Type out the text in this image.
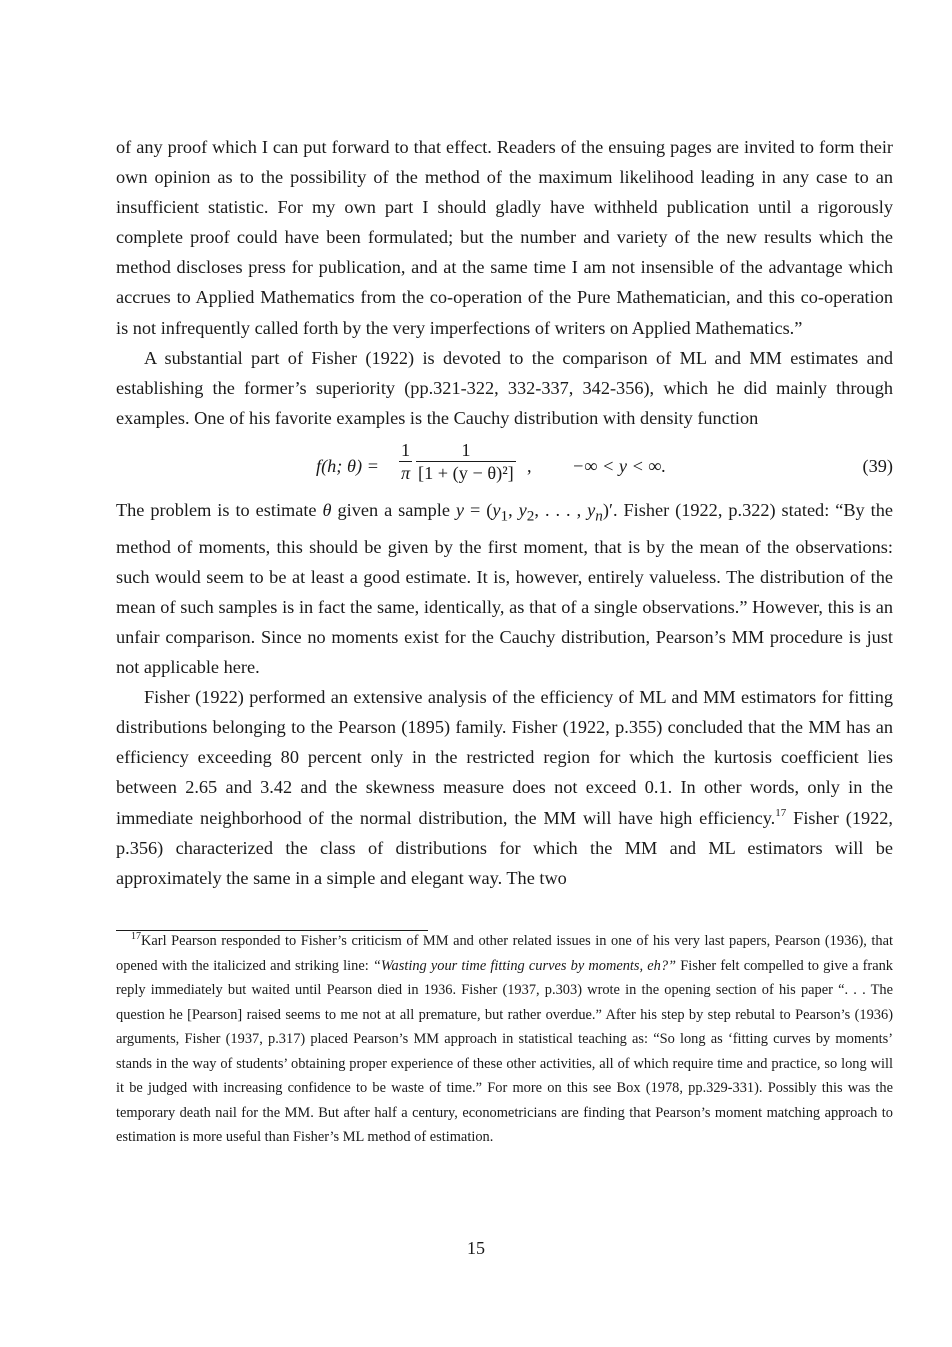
of any proof which I can put forward to that effect. Readers of the ensuing pages are invited to form their own opinion as to the possibility of the method of the maximum likelihood leading in any case to an insufficient statistic. For my own part I should gladly have withheld publication until a rigorously complete proof could have been formulated; but the number and variety of the new results which the method discloses press for publication, and at the same time I am not insensible of the advantage which accrues to Applied Mathematics from the co-operation of the Pure Mathematician, and this co-operation is not infrequently called forth by the very imperfections of writers on Applied Mathematics.”

A substantial part of Fisher (1922) is devoted to the comparison of ML and MM estimates and establishing the former’s superiority (pp.321-322, 332-337, 342-356), which he did mainly through examples. One of his favorite examples is the Cauchy distribution with density function

f(h; $\theta) = \frac{1}{\pi} \frac{1}{\text{[1 + (y − θ)²]}}$ , −∞ < y < ∞.	(39)

The problem is to estimate θ given a sample $y = (y_1$, $y_2$, . . . , $y_n)'$. Fisher (1922, p.322) stated: “By the method of moments, this should be given by the first moment, that is by the mean of the observations: such would seem to be at least a good estimate. It is, however, entirely valueless. The distribution of the mean of such samples is in fact the same, identically, as that of a single observations.” However, this is an unfair comparison. Since no moments exist for the Cauchy distribution, Pearson’s MM procedure is just not applicable here.

Fisher (1922) performed an extensive analysis of the efficiency of ML and MM estimators for fitting distributions belonging to the Pearson (1895) family. Fisher (1922, p.355) concluded that the MM has an efficiency exceeding 80 percent only in the restricted region for which the kurtosis coefficient lies between 2.65 and 3.42 and the skewness measure does not exceed 0.1. In other words, only in the immediate neighborhood of the normal distribution, the MM will have high efficiency.$^{17}$ Fisher (1922, p.356) characterized the class of distributions for which the MM and ML estimators will be approximately the same in a simple and elegant way. The two

$^{17}$Karl Pearson responded to Fisher’s criticism of MM and other related issues in one of his very last papers, Pearson (1936), that opened with the italicized and striking line: “Wasting your time fitting curves by moments, eh?” Fisher felt compelled to give a frank reply immediately but waited until Pearson died in 1936. Fisher (1937, p.303) wrote in the opening section of his paper “. . . The question he [Pearson] raised seems to me not at all premature, but rather overdue.” After his step by step rebutal to Pearson’s (1936) arguments, Fisher (1937, p.317) placed Pearson’s MM approach in statistical teaching as: “So long as ‘fitting curves by moments’ stands in the way of students’ obtaining proper experience of these other activities, all of which require time and practice, so long will it be judged with increasing confidence to be waste of time.” For more on this see Box (1978, pp.329-331). Possibly this was the temporary death nail for the MM. But after half a century, econometricians are finding that Pearson’s moment matching approach to estimation is more useful than Fisher’s ML method of estimation.

15
